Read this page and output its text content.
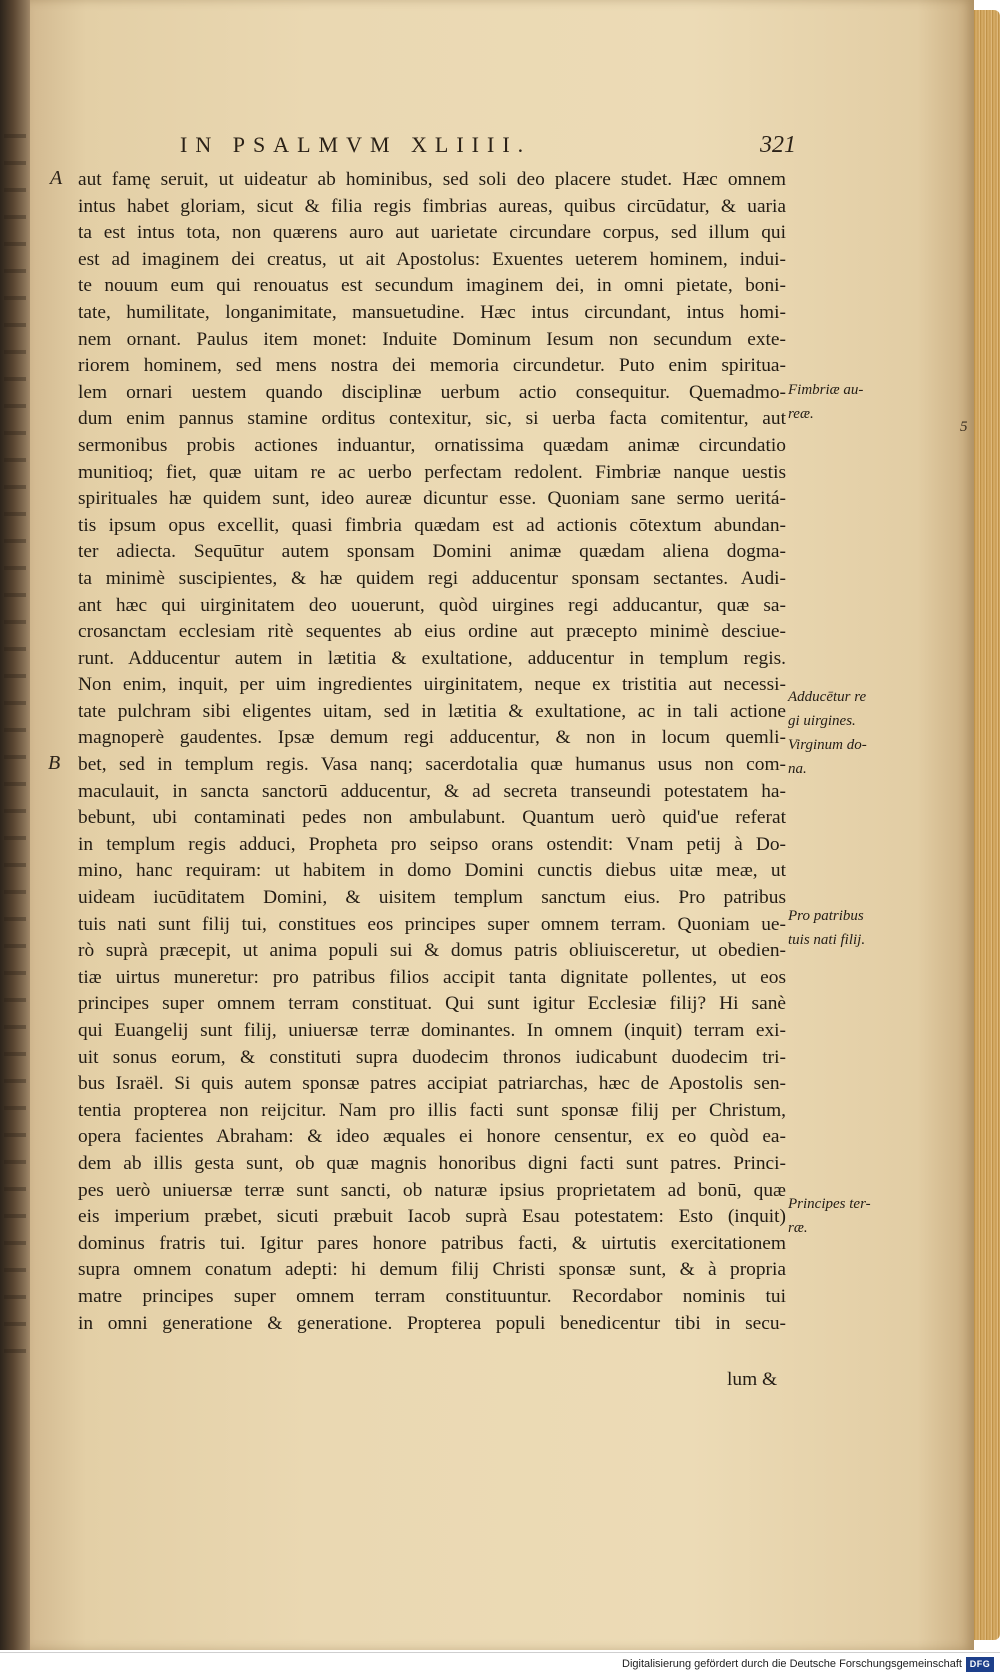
IN PSALMVM XLIIII.	321
A
B
aut famę seruit, ut uideatur ab hominibus, sed soli deo placere studet. Hæc omnem
intus habet gloriam, sicut & filia regis fimbrias aureas, quibus circūdatur, & uaria
ta est intus tota, non quærens auro aut uarietate circundare corpus, sed illum qui
est ad imaginem dei creatus, ut ait Apostolus: Exuentes ueterem hominem, indui-
te nouum eum qui renouatus est secundum imaginem dei, in omni pietate, boni-
tate, humilitate, longanimitate, mansuetudine. Hæc intus circundant, intus homi-
nem ornant. Paulus item monet: Induite Dominum Iesum non secundum exte-
riorem hominem, sed mens nostra dei memoria circundetur. Puto enim spiritua-
lem ornari uestem quando disciplinæ uerbum actio consequitur. Quemadmo-
dum enim pannus stamine orditus contexitur, sic, si uerba facta comitentur, aut
sermonibus probis actiones induantur, ornatissima quædam animæ circundatio
munitioq; fiet, quæ uitam re ac uerbo perfectam redolent. Fimbriæ nanque uestis
spirituales hæ quidem sunt, ideo aureæ dicuntur esse. Quoniam sane sermo ueritá-
tis ipsum opus excellit, quasi fimbria quædam est ad actionis cōtextum abundan-
ter adiecta. Sequūtur autem sponsam Domini animæ quædam aliena dogma-
ta minimè suscipientes, & hæ quidem regi adducentur sponsam sectantes. Audi-
ant hæc qui uirginitatem deo uouerunt, quòd uirgines regi adducantur, quæ sa-
crosanctam ecclesiam ritè sequentes ab eius ordine aut præcepto minimè desciue-
runt. Adducentur autem in lætitia & exultatione, adducentur in templum regis.
Non enim, inquit, per uim ingredientes uirginitatem, neque ex tristitia aut necessi-
tate pulchram sibi eligentes uitam, sed in lætitia & exultatione, ac in tali actione
magnoperè gaudentes. Ipsæ demum regi adducentur, & non in locum quemli-
bet, sed in templum regis. Vasa nanq; sacerdotalia quæ humanus usus non com-
maculauit, in sancta sanctorū adducentur, & ad secreta transeundi potestatem ha-
bebunt, ubi contaminati pedes non ambulabunt. Quantum uerò quid'ue referat
in templum regis adduci, Propheta pro seipso orans ostendit: Vnam petij à Do-
mino, hanc requiram: ut habitem in domo Domini cunctis diebus uitæ meæ, ut
uideam iucūditatem Domini, & uisitem templum sanctum eius. Pro patribus
tuis nati sunt filij tui, constitues eos principes super omnem terram. Quoniam ue-
rò suprà præcepit, ut anima populi sui & domus patris obliuisceretur, ut obedien-
tiæ uirtus muneretur: pro patribus filios accipit tanta dignitate pollentes, ut eos
principes super omnem terram constituat. Qui sunt igitur Ecclesiæ filij? Hi sanè
qui Euangelij sunt filij, uniuersæ terræ dominantes. In omnem (inquit) terram exi-
uit sonus eorum, & constituti supra duodecim thronos iudicabunt duodecim tri-
bus Israël. Si quis autem sponsæ patres accipiat patriarchas, hæc de Apostolis sen-
tentia propterea non reijcitur. Nam pro illis facti sunt sponsæ filij per Christum,
opera facientes Abraham: & ideo æquales ei honore censentur, ex eo quòd ea-
dem ab illis gesta sunt, ob quæ magnis honoribus digni facti sunt patres. Princi-
pes uerò uniuersæ terræ sunt sancti, ob naturæ ipsius proprietatem ad bonū, quæ
eis imperium præbet, sicuti præbuit Iacob suprà Esau potestatem: Esto (inquit)
dominus fratris tui. Igitur pares honore patribus facti, & uirtutis exercitationem
supra omnem conatum adepti: hi demum filij Christi sponsæ sunt, & à propria
matre principes super omnem terram constituuntur. Recordabor nominis tui
in omni generatione & generatione. Propterea populi benedicentur tibi in secu-
lum &
Fimbriæ au-
reæ.
Adducētur re
gi uirgines.
Virginum do-
na.
Pro patribus
tuis nati filij.
Principes ter-
ræ.
5
Digitalisierung gefördert durch die Deutsche Forschungsgemeinschaft DFG
